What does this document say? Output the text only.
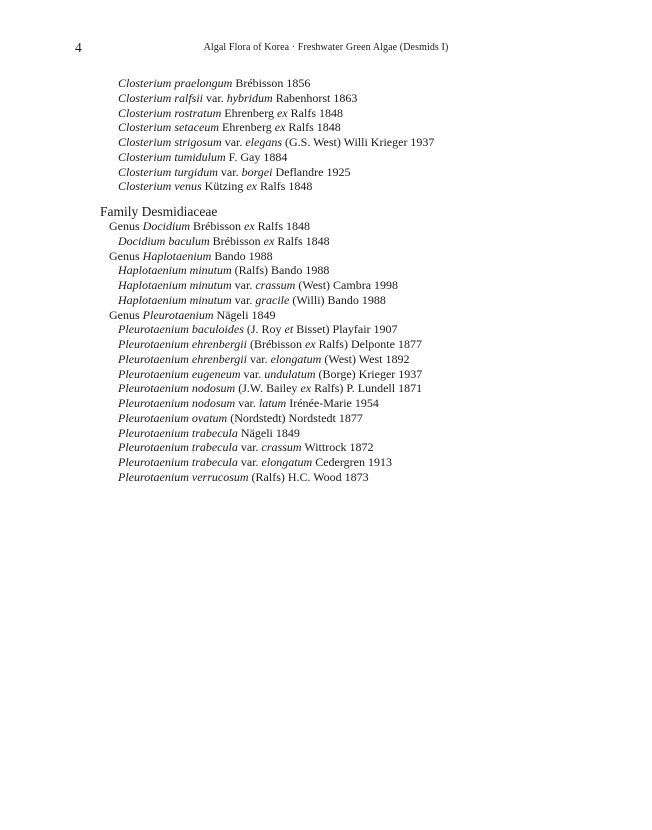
4	Algal Flora of Korea · Freshwater Green Algae (Desmids I)
Closterium praelongum Brébisson 1856
Closterium ralfsii var. hybridum Rabenhorst 1863
Closterium rostratum Ehrenberg ex Ralfs 1848
Closterium setaceum Ehrenberg ex Ralfs 1848
Closterium strigosum var. elegans (G.S. West) Willi Krieger 1937
Closterium tumidulum F. Gay 1884
Closterium turgidum var. borgei Deflandre 1925
Closterium venus Kützing ex Ralfs 1848
Family Desmidiaceae
Genus Docidium Brébisson ex Ralfs 1848
Docidium baculum Brébisson ex Ralfs 1848
Genus Haplotaenium Bando 1988
Haplotaenium minutum (Ralfs) Bando 1988
Haplotaenium minutum var. crassum (West) Cambra 1998
Haplotaenium minutum var. gracile (Willi) Bando 1988
Genus Pleurotaenium Nägeli 1849
Pleurotaenium baculoides (J. Roy et Bisset) Playfair 1907
Pleurotaenium ehrenbergii (Brébisson ex Ralfs) Delponte 1877
Pleurotaenium ehrenbergii var. elongatum (West) West 1892
Pleurotaenium eugeneum var. undulatum (Borge) Krieger 1937
Pleurotaenium nodosum (J.W. Bailey ex Ralfs) P. Lundell 1871
Pleurotaenium nodosum var. latum Irénée-Marie 1954
Pleurotaenium ovatum (Nordstedt) Nordstedt 1877
Pleurotaenium trabecula Nägeli 1849
Pleurotaenium trabecula var. crassum Wittrock 1872
Pleurotaenium trabecula var. elongatum Cedergren 1913
Pleurotaenium verrucosum (Ralfs) H.C. Wood 1873
